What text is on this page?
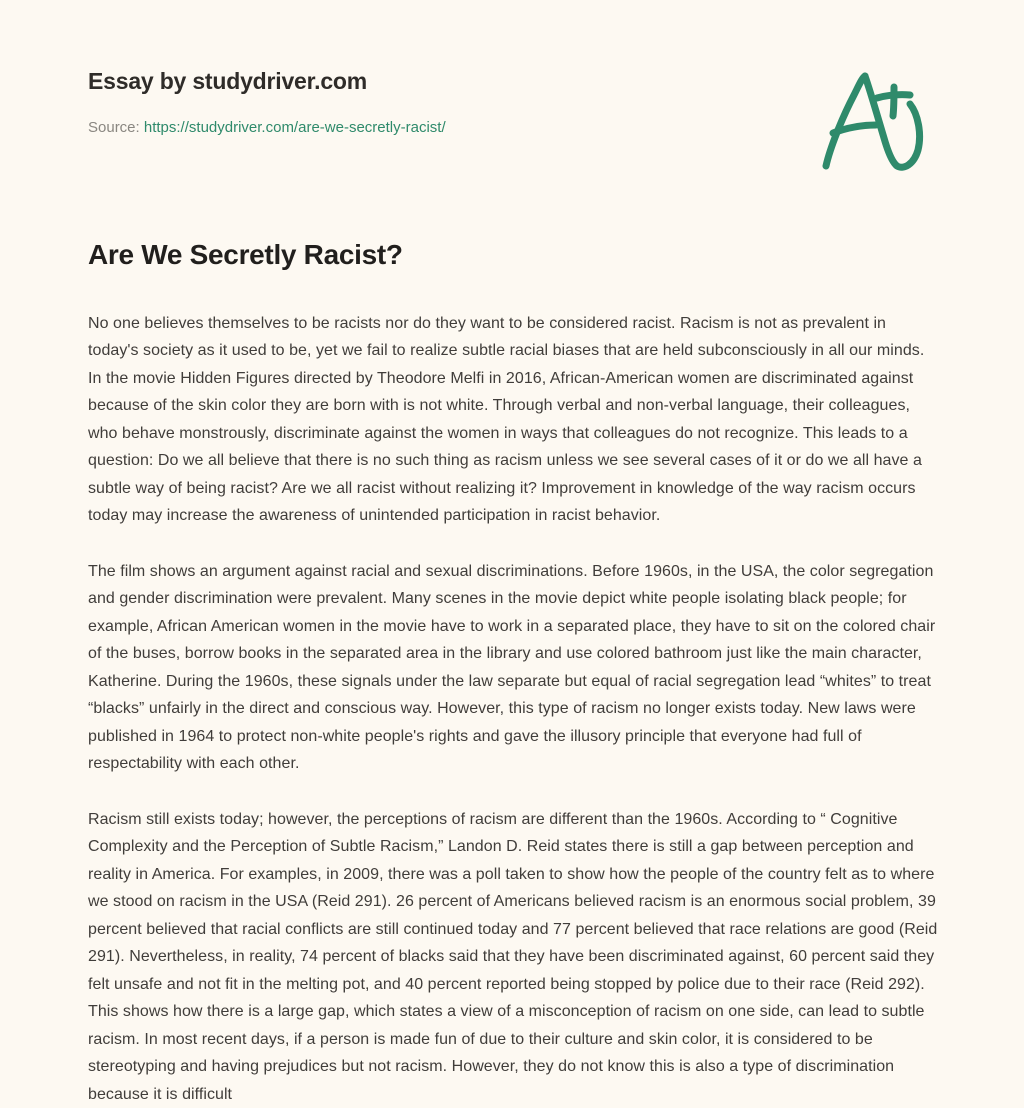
Essay by studydriver.com
Source: https://studydriver.com/are-we-secretly-racist/
Are We Secretly Racist?

No one believes themselves to be racists nor do they want to be considered racist. Racism is not as prevalent in today's society as it used to be, yet we fail to realize subtle racial biases that are held subconsciously in all our minds. In the movie Hidden Figures directed by Theodore Melfi in 2016, African-American women are discriminated against because of the skin color they are born with is not white. Through verbal and non-verbal language, their colleagues, who behave monstrously, discriminate against the women in ways that colleagues do not recognize. This leads to a question: Do we all believe that there is no such thing as racism unless we see several cases of it or do we all have a subtle way of being racist? Are we all racist without realizing it? Improvement in knowledge of the way racism occurs today may increase the awareness of unintended participation in racist behavior.

The film shows an argument against racial and sexual discriminations. Before 1960s, in the USA, the color segregation and gender discrimination were prevalent. Many scenes in the movie depict white people isolating black people; for example, African American women in the movie have to work in a separated place, they have to sit on the colored chair of the buses, borrow books in the separated area in the library and use colored bathroom just like the main character, Katherine. During the 1960s, these signals under the law separate but equal of racial segregation lead “whites” to treat “blacks” unfairly in the direct and conscious way. However, this type of racism no longer exists today. New laws were published in 1964 to protect non-white people's rights and gave the illusory principle that everyone had full of respectability with each other.

Racism still exists today; however, the perceptions of racism are different than the 1960s. According to “ Cognitive Complexity and the Perception of Subtle Racism,” Landon D. Reid states there is still a gap between perception and reality in America. For examples, in 2009, there was a poll taken to show how the people of the country felt as to where we stood on racism in the USA (Reid 291). 26 percent of Americans believed racism is an enormous social problem, 39 percent believed that racial conflicts are still continued today and 77 percent believed that race relations are good (Reid 291). Nevertheless, in reality, 74 percent of blacks said that they have been discriminated against, 60 percent said they felt unsafe and not fit in the melting pot, and 40 percent reported being stopped by police due to their race (Reid 292). This shows how there is a large gap, which states a view of a misconception of racism on one side, can lead to subtle racism. In most recent days, if a person is made fun of due to their culture and skin color, it is considered to be stereotyping and having prejudices but not racism. However, they do not know this is also a type of discrimination because it is difficult
